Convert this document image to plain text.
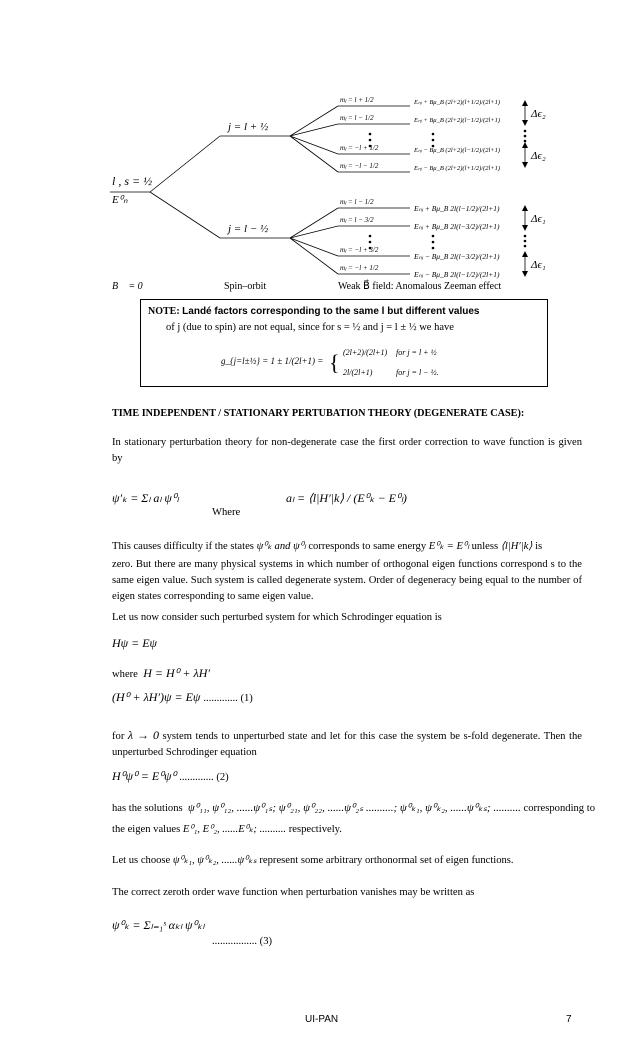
l , s = ½
E⁰ₙ
j = l + ½
j = l − ½
mⱼ = l + 1/2
mⱼ = l − 1/2
mⱼ = −l + 1/2
mⱼ = −l − 1/2
mⱼ = l − 1/2
mⱼ = l − 3/2
mⱼ = −l + 3/2
mⱼ = −l + 1/2
Eₙⱼ + Bμ_B (2l+2)(l+1/2)/(2l+1)
Eₙⱼ + Bμ_B (2l+2)(l−1/2)/(2l+1)
Eₙⱼ − Bμ_B (2l+2)(l−1/2)/(2l+1)
Eₙⱼ − Bμ_B (2l+2)(l+1/2)/(2l+1)
Eₙⱼ + Bμ_B 2l(l−1/2)/(2l+1)
Eₙⱼ + Bμ_B 2l(l−3/2)/(2l+1)
Eₙⱼ − Bμ_B 2l(l−3/2)/(2l+1)
Eₙⱼ − Bμ_B 2l(l−1/2)/(2l+1)
Δϵ₂
Δϵ₂
Δϵ₁
Δϵ₁
B⃗ = 0	Spin–orbit	Weak B⃗ field: Anomalous Zeeman effect
NOTE: Landé factors corresponding to the same l but different values
of j (due to spin) are not equal, since for s = ½ and j = l ± ½ we have
g_{j=l±½} = 1 ± 1/(2l+1) = { (2l+2)/(2l+1) for j = l + ½
2l/(2l+1)	for j = l − ½.
TIME INDEPENDENT / STATIONARY PERTUBATION THEORY (DEGENERATE CASE):
In stationary perturbation theory for non-degenerate case the first order correction to wave function is given by
ψ′ₖ = Σₗ aₗ ψ⁰ₗ
Where
aₗ = ⟨l|H′|k⟩ / (E⁰ₖ − E⁰ₗ)
This causes difficulty if the states ψ⁰ₖ and ψ⁰ₗ corresponds to same energy E⁰ₖ = E⁰ₗ unless ⟨l|H′|k⟩ is
zero. But there are many physical systems in which number of orthogonal eigen functions correspond s to the same eigen value. Such system is called degenerate system. Order of degeneracy being equal to the number of eigen states corresponding to same eigen value.
Let us now consider such perturbed system for which Schrodinger equation is
Hψ = Eψ
where H = H⁰ + λH′
(H⁰ + λH′)ψ = Eψ ............. (1)
for λ → 0 system tends to unperturbed state and let for this case the system be s-fold degenerate. Then the unperturbed Schrodinger equation
H⁰ψ⁰ = E⁰ψ⁰ ............. (2)
has the solutions ψ⁰₁₁, ψ⁰₁₂, ......ψ⁰₁ₛ; ψ⁰₂₁, ψ⁰₂₂, ......ψ⁰₂ₛ ..........; ψ⁰ₖ₁, ψ⁰ₖ₂, ......ψ⁰ₖₛ; .......... corresponding to
the eigen values E⁰₁, E⁰₂, ......E⁰ₖ; .......... respectively.
Let us choose ψ⁰ₖ₁, ψ⁰ₖ₂, ......ψ⁰ₖₛ represent some arbitrary orthonormal set of eigen functions.
The correct zeroth order wave function when perturbation vanishes may be written as
ψ⁰ₖ = Σₗ₌₁ˢ αₖₗ ψ⁰ₖₗ
................. (3)
UI-PAN	7
